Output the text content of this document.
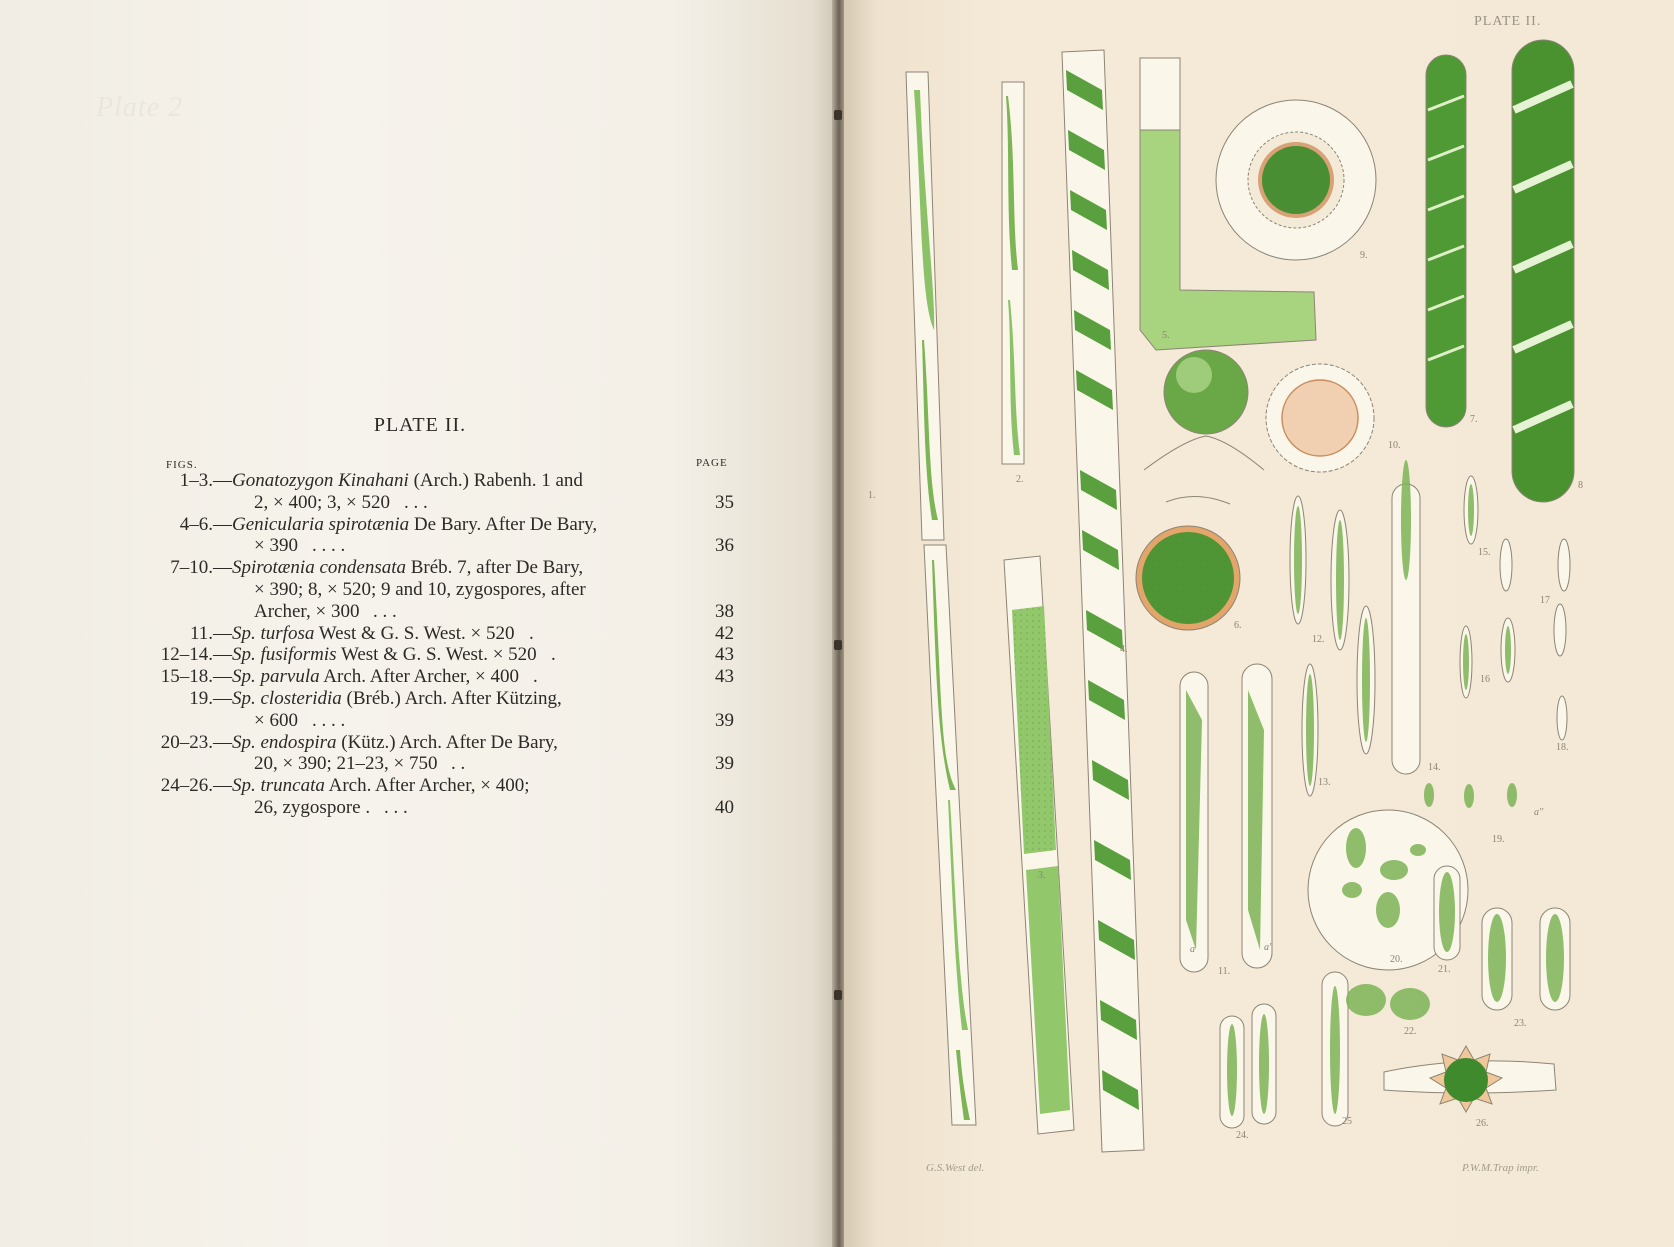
Plate 2
PLATE II.
FIGS.	PAGE
1–3.— Gonatozygon Kinahani (Arch.) Rabenh. 1 and
2, × 400; 3, × 520 . . .	35
4–6.— Genicularia spirotænia De Bary. After De Bary,
× 390 . . . .	36
7–10.— Spirotænia condensata Bréb. 7, after De Bary,
× 390; 8, × 520; 9 and 10, zygospores, after
Archer, × 300 . . .	38
11.— Sp. turfosa West & G. S. West. × 520 .	42
12–14.— Sp. fusiformis West & G. S. West. × 520 .	43
15–18.— Sp. parvula Arch. After Archer, × 400 .	43
19.— Sp. closteridia (Bréb.) Arch. After Kützing,
× 600 . . . .	39
20–23.— Sp. endospira (Kütz.) Arch. After De Bary,
20, × 390; 21–23, × 750 . .	39
24–26.— Sp. truncata Arch. After Archer, × 400;
26, zygospore . . . .	40
PLATE II.
G.S.West del.	P.W.M.Trap impr.
1.
2.
3.
4.
5.
6.
7.
8
9.
10.
11.
12.
13.
14.
15.
16
17
18.
19.
20.
21.
22.
23.
24.
25	26.
a	a'
a''
